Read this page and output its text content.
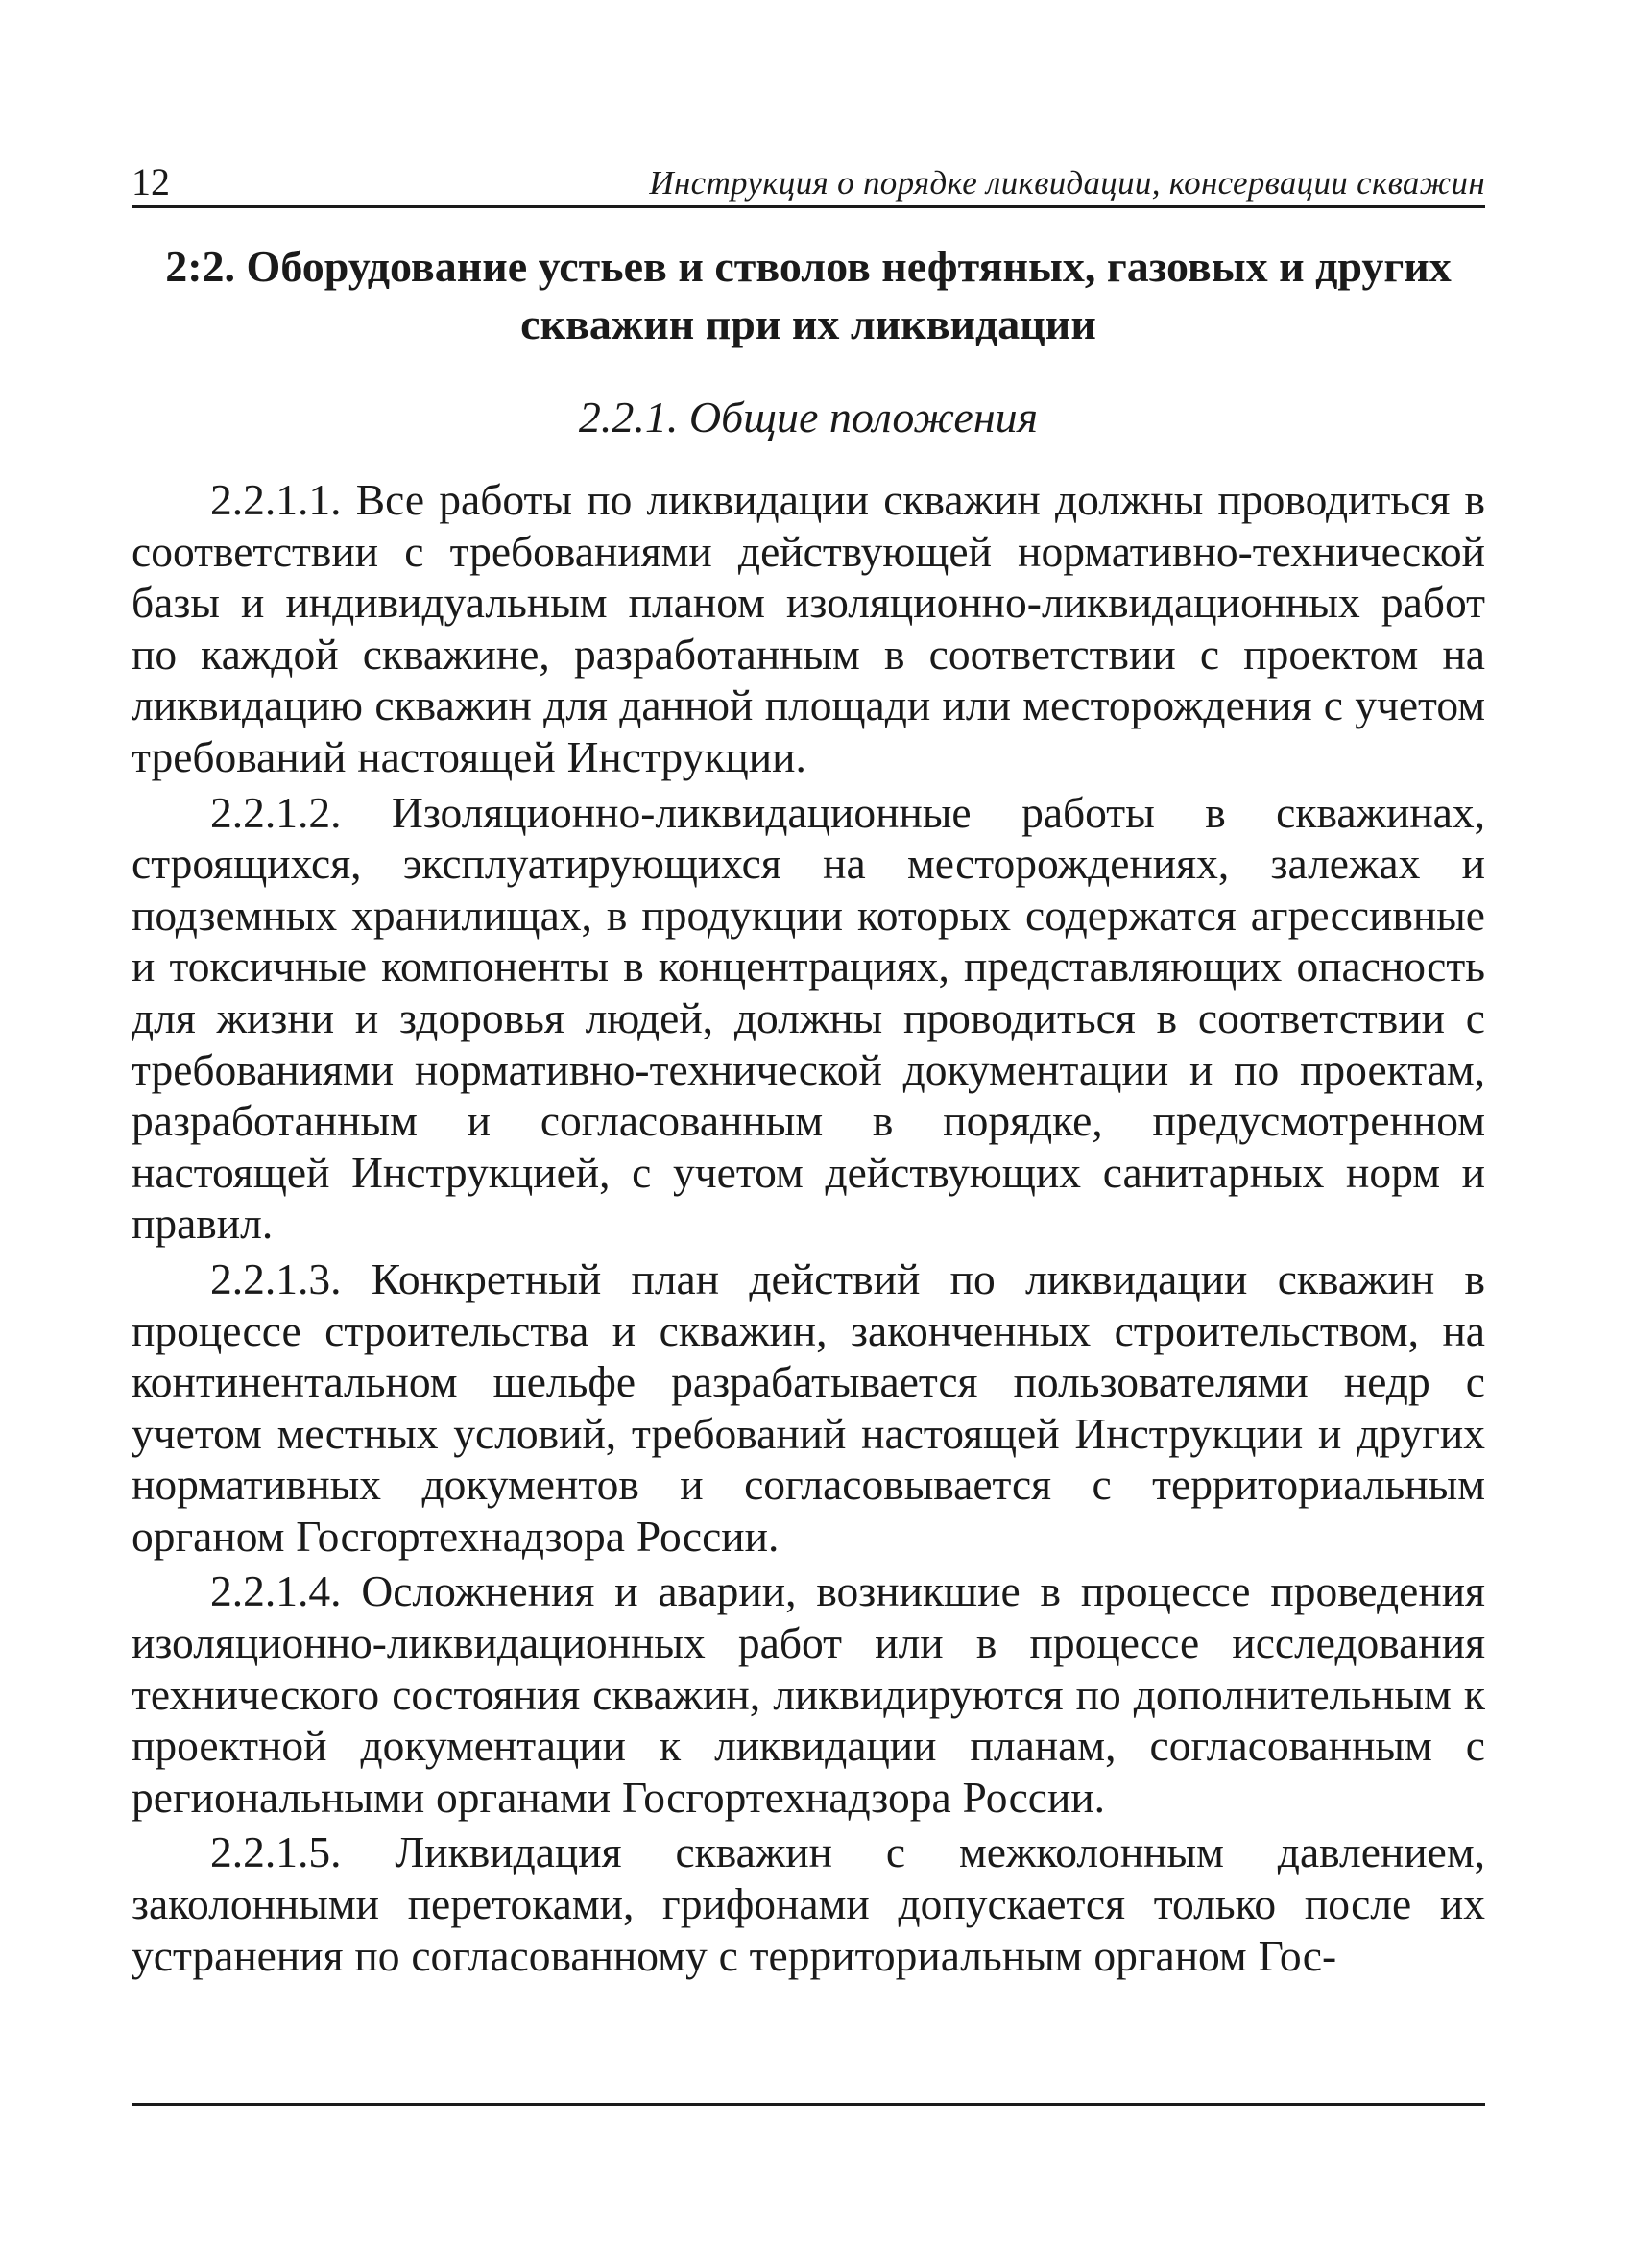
12	Инструкция о порядке ликвидации, консервации скважин
2:2. Оборудование устьев и стволов нефтяных, газовых и других
скважин при их ликвидации
2.2.1. Общие положения

2.2.1.1. Все работы по ликвидации скважин должны проводиться в соответствии с требованиями действующей нормативно-технической базы и индивидуальным планом изоляционно-ликвидационных работ по каждой скважине, разработанным в соответствии с проектом на ликвидацию скважин для данной площади или месторождения с учетом требований настоящей Инструкции.

2.2.1.2. Изоляционно-ликвидационные работы в скважинах, строящихся, эксплуатирующихся на месторождениях, залежах и подземных хранилищах, в продукции которых содержатся агрессивные и токсичные компоненты в концентрациях, представляющих опасность для жизни и здоровья людей, должны проводиться в соответствии с требованиями нормативно-технической документации и по проектам, разработанным и согласованным в порядке, предусмотренном настоящей Инструкцией, с учетом действующих санитарных норм и правил.

2.2.1.3. Конкретный план действий по ликвидации скважин в процессе строительства и скважин, законченных строительством, на континентальном шельфе разрабатывается пользователями недр с учетом местных условий, требований настоящей Инструкции и других нормативных документов и согласовывается с территориальным органом Госгортехнадзора России.

2.2.1.4. Осложнения и аварии, возникшие в процессе проведения изоляционно-ликвидационных работ или в процессе исследования технического состояния скважин, ликвидируются по дополнительным к проектной документации к ликвидации планам, согласованным с региональными органами Госгортехнадзора России.

2.2.1.5. Ликвидация скважин с межколонным давлением, заколонными перетоками, грифонами допускается только после их устранения по согласованному с территориальным органом Гос-
